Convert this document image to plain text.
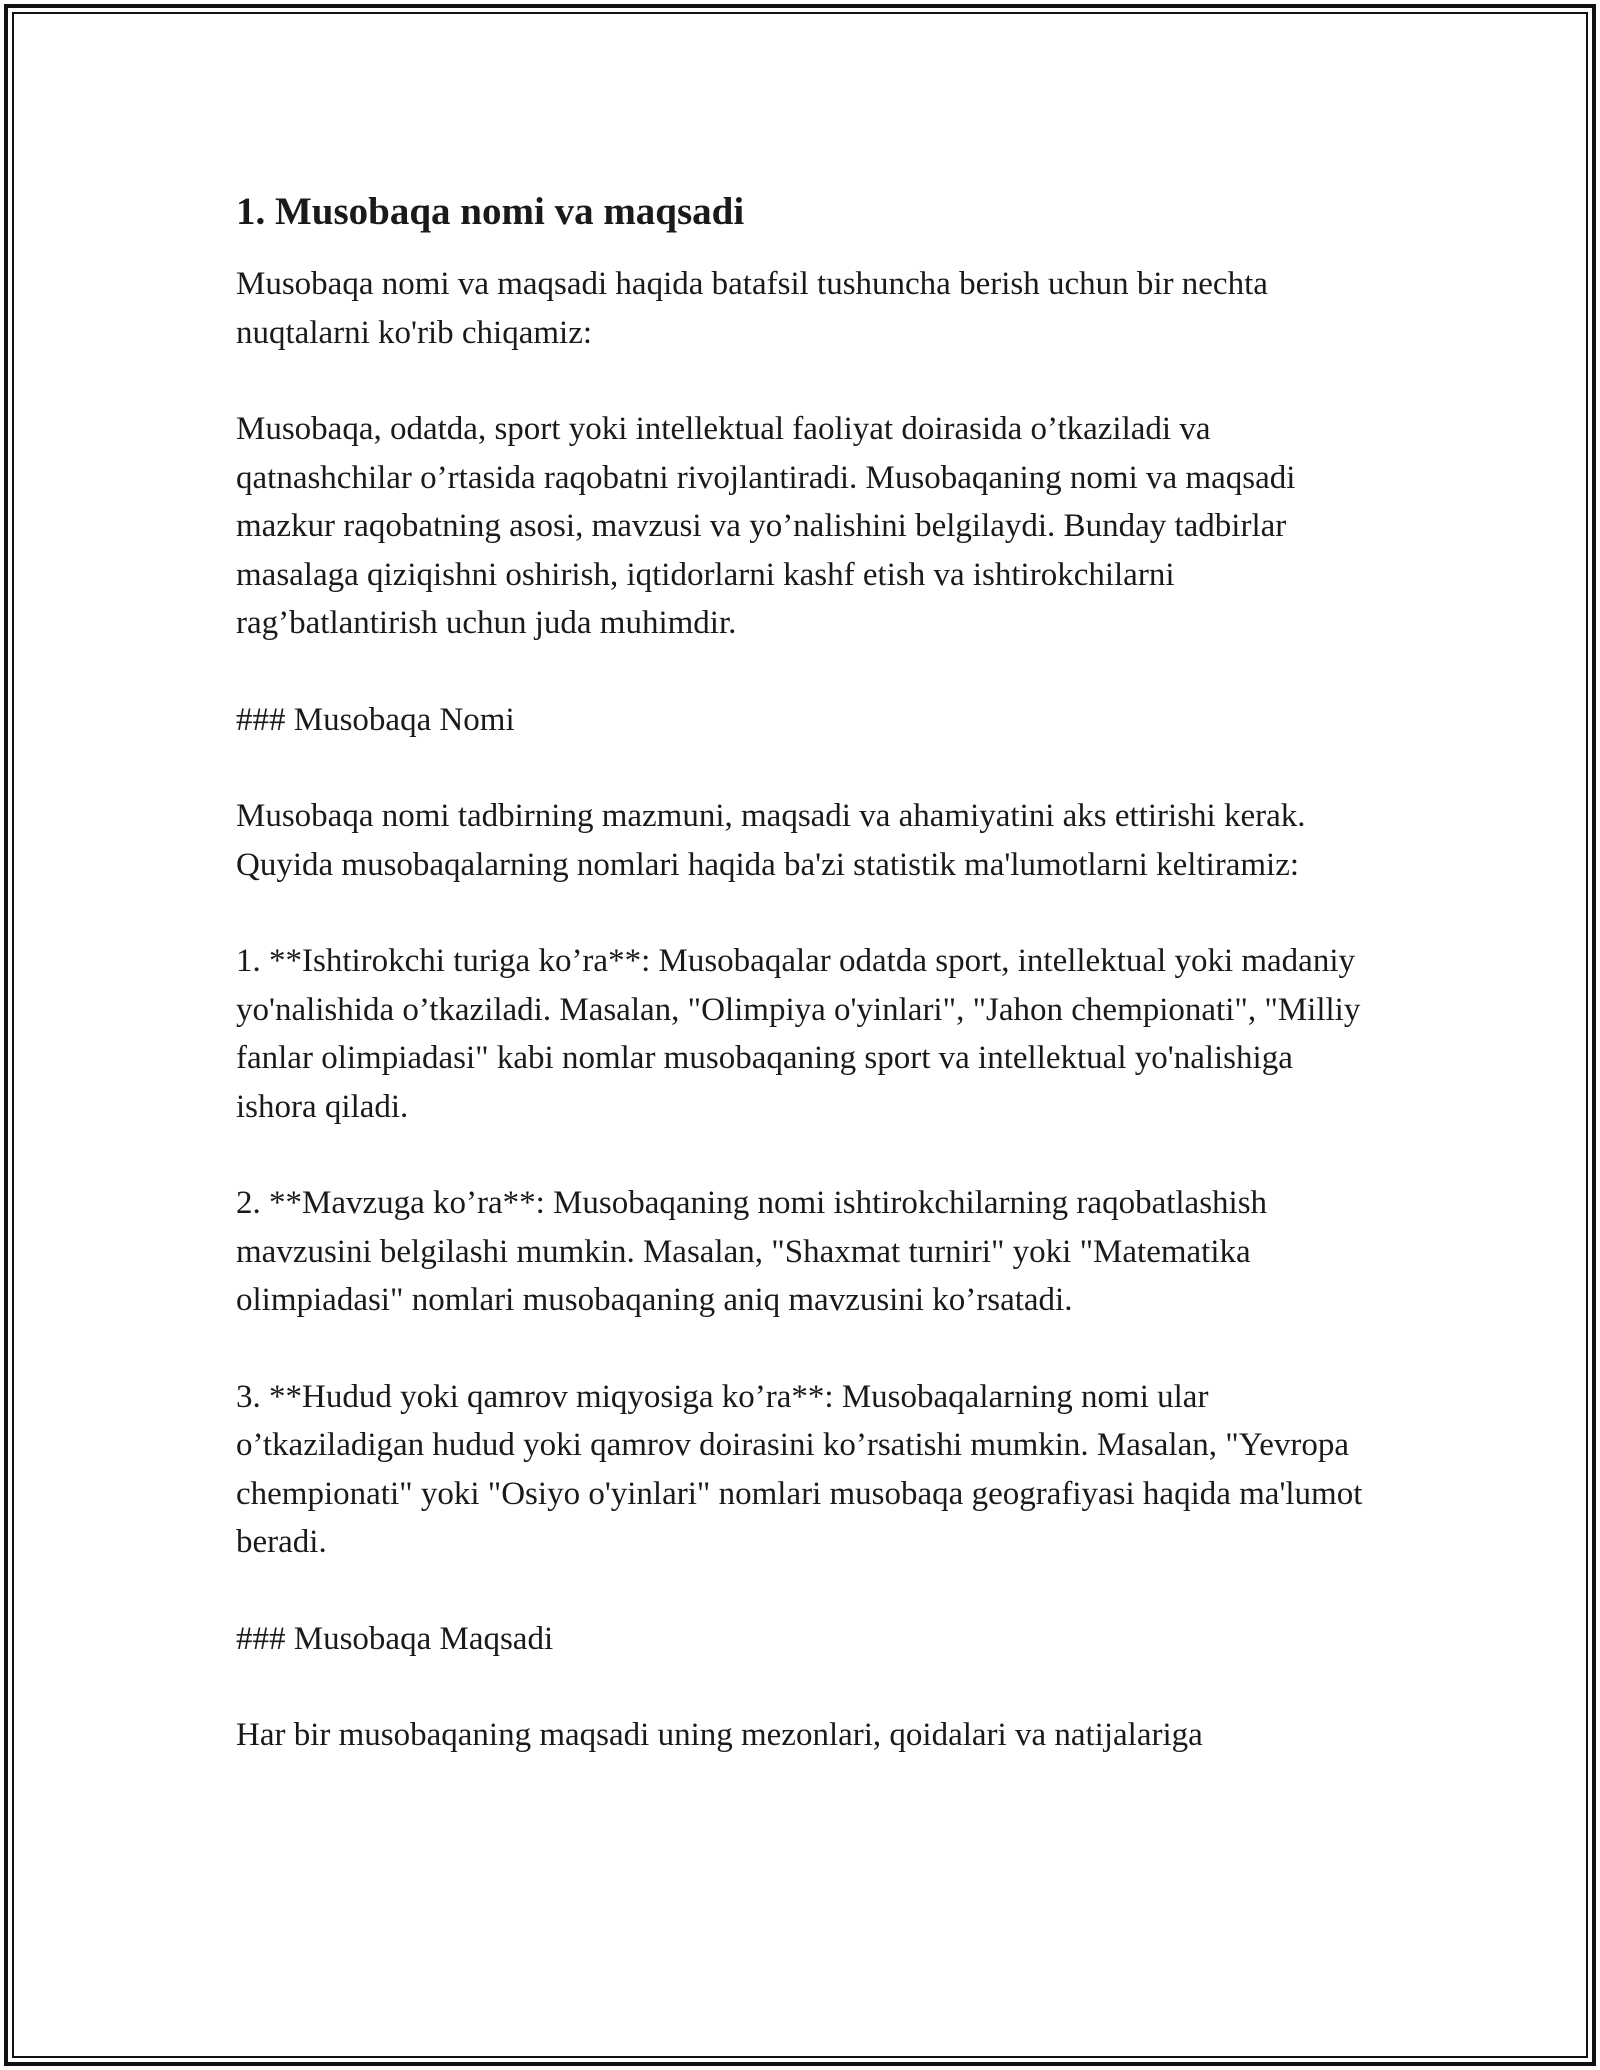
1. Musobaqa nomi va maqsadi

Musobaqa nomi va maqsadi haqida batafsil tushuncha berish uchun bir nechta nuqtalarni ko'rib chiqamiz:

Musobaqa, odatda, sport yoki intellektual faoliyat doirasida o’tkaziladi va qatnashchilar o’rtasida raqobatni rivojlantiradi. Musobaqaning nomi va maqsadi mazkur raqobatning asosi, mavzusi va yo’nalishini belgilaydi. Bunday tadbirlar masalaga qiziqishni oshirish, iqtidorlarni kashf etish va ishtirokchilarni rag’batlantirish uchun juda muhimdir.

### Musobaqa Nomi

Musobaqa nomi tadbirning mazmuni, maqsadi va ahamiyatini aks ettirishi kerak. Quyida musobaqalarning nomlari haqida ba'zi statistik ma'lumotlarni keltiramiz:

1. **Ishtirokchi turiga ko’ra**: Musobaqalar odatda sport, intellektual yoki madaniy yo'nalishida o’tkaziladi. Masalan, "Olimpiya o'yinlari", "Jahon chempionati", "Milliy fanlar olimpiadasi" kabi nomlar musobaqaning sport va intellektual yo'nalishiga ishora qiladi.

2. **Mavzuga ko’ra**: Musobaqaning nomi ishtirokchilarning raqobatlashish mavzusini belgilashi mumkin. Masalan, "Shaxmat turniri" yoki "Matematika olimpiadasi" nomlari musobaqaning aniq mavzusini ko’rsatadi.

3. **Hudud yoki qamrov miqyosiga ko’ra**: Musobaqalarning nomi ular o’tkaziladigan hudud yoki qamrov doirasini ko’rsatishi mumkin. Masalan, "Yevropa chempionati" yoki "Osiyo o'yinlari" nomlari musobaqa geografiyasi haqida ma'lumot beradi.

### Musobaqa Maqsadi

Har bir musobaqaning maqsadi uning mezonlari, qoidalari va natijalariga
